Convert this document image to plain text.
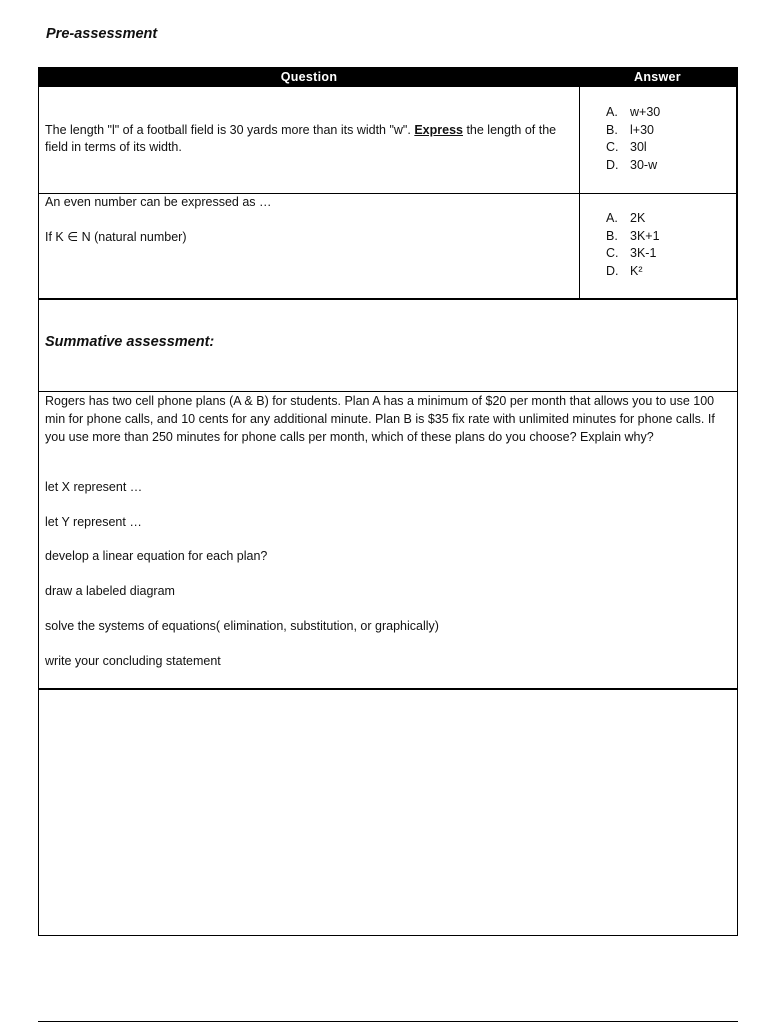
Pre-assessment
Question	Answer
The length "l" of a football field is 30 yards more than its width "w". Express the length of the field in terms of its width.
A. w+30
B. l+30
C. 30l
D. 30-w
An even number can be expressed as …
If K ∈ N (natural number)
A. 2K
B. 3K+1
C. 3K-1
D. K²
Summative assessment:
Rogers has two cell phone plans (A & B) for students. Plan A has a minimum of $20 per month that allows you to use 100 min for phone calls, and 10 cents for any additional minute. Plan B is $35 fix rate with unlimited minutes for phone calls. If you use more than 250 minutes for phone calls per month, which of these plans do you choose? Explain why?
let X represent …
let Y represent …
develop a linear equation for each plan?
draw a labeled diagram
solve the systems of equations( elimination, substitution, or graphically)
write your concluding statement
